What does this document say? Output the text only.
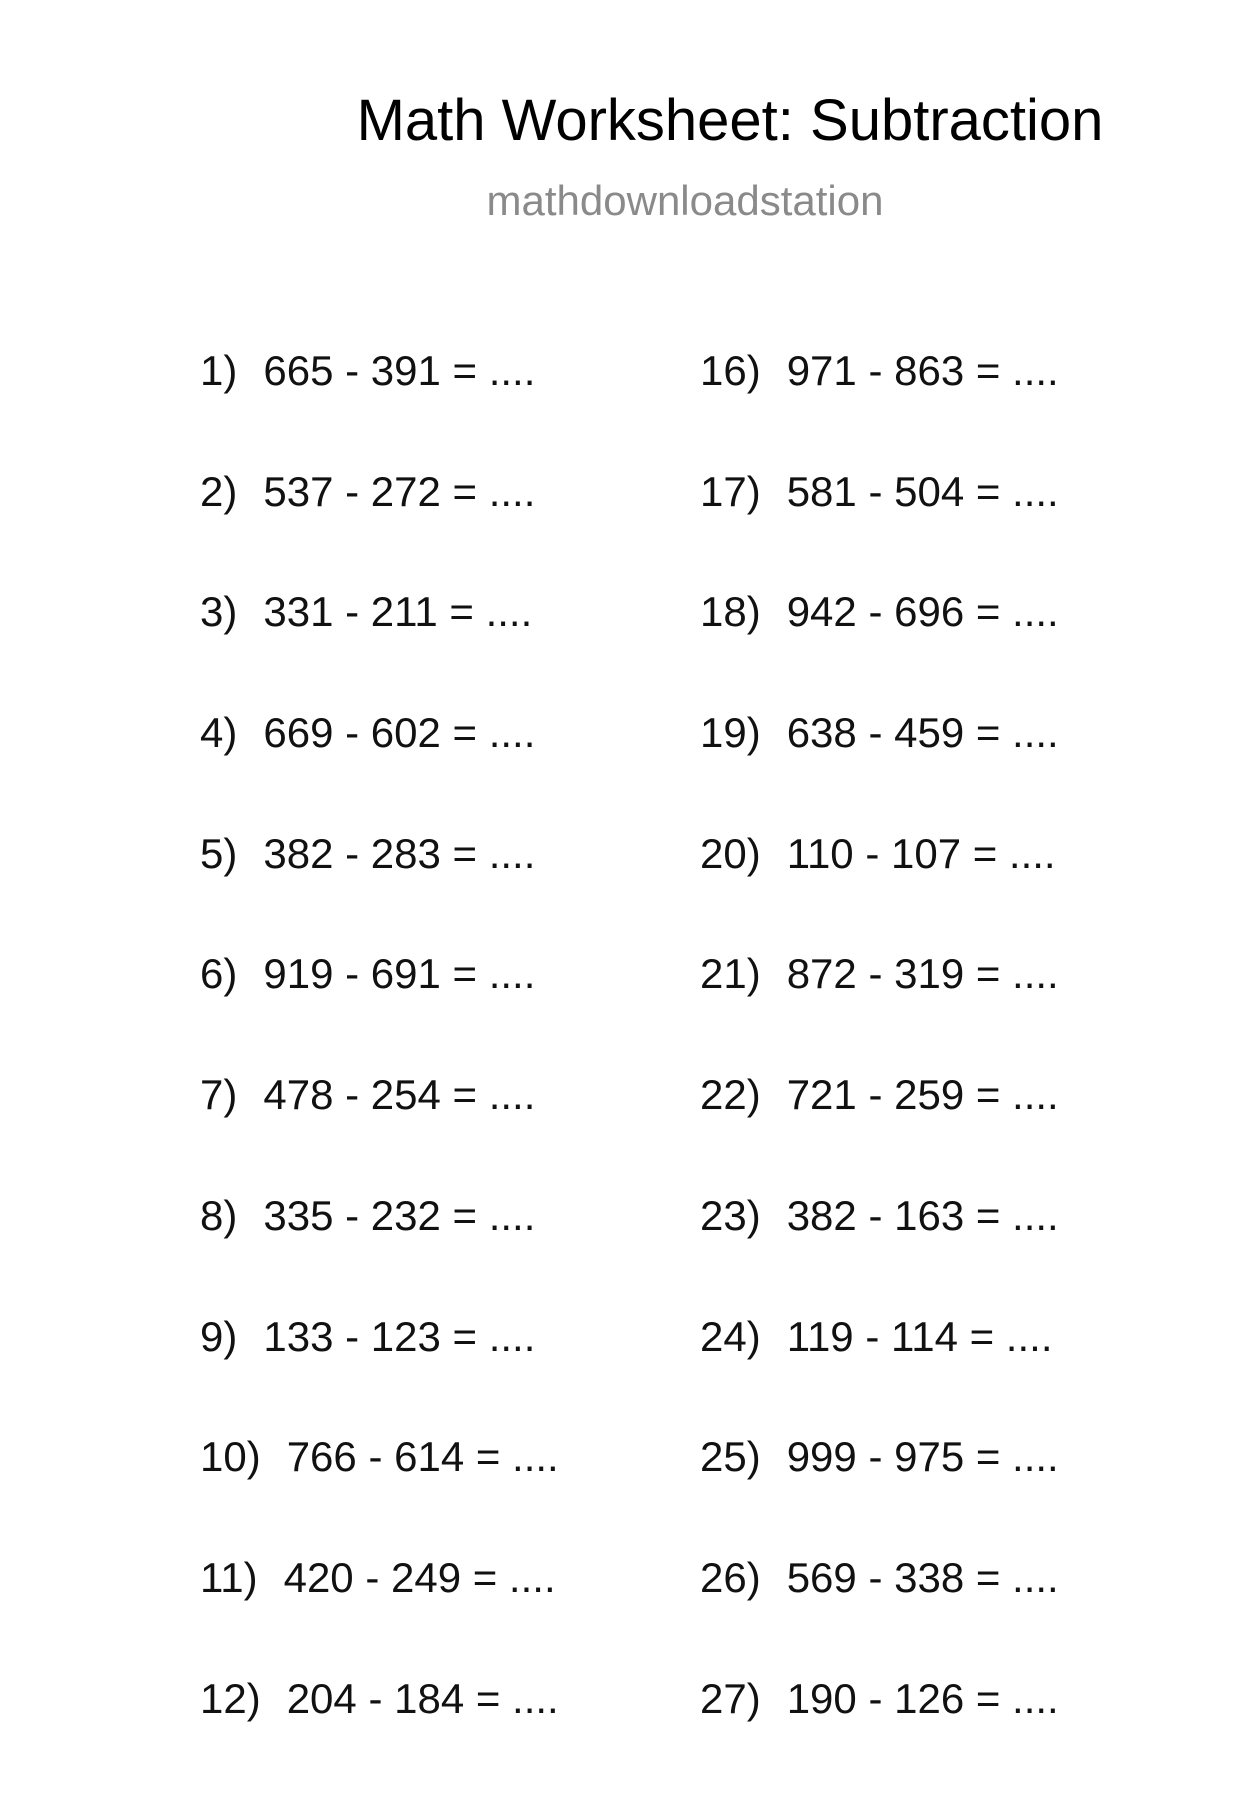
Math Worksheet: Subtraction
mathdownloadstation
1) 665 - 391 = ....
2) 537 - 272 = ....
3) 331 - 211 = ....
4) 669 - 602 = ....
5) 382 - 283 = ....
6) 919 - 691 = ....
7) 478 - 254 = ....
8) 335 - 232 = ....
9) 133 - 123 = ....
10) 766 - 614 = ....
11) 420 - 249 = ....
12) 204 - 184 = ....
16) 971 - 863 = ....
17) 581 - 504 = ....
18) 942 - 696 = ....
19) 638 - 459 = ....
20) 110 - 107 = ....
21) 872 - 319 = ....
22) 721 - 259 = ....
23) 382 - 163 = ....
24) 119 - 114 = ....
25) 999 - 975 = ....
26) 569 - 338 = ....
27) 190 - 126 = ....
